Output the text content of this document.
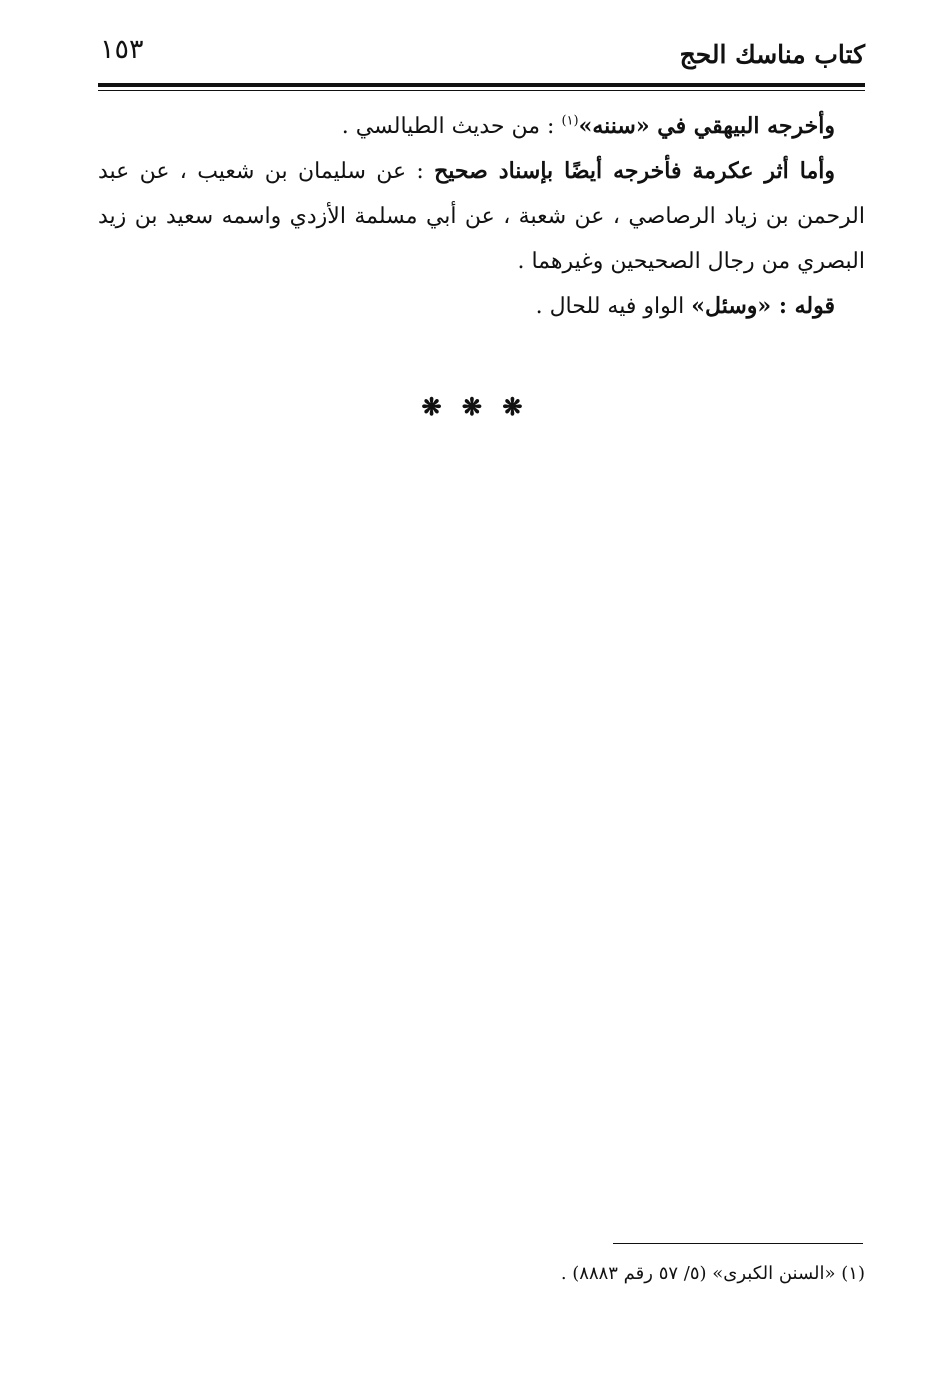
كتاب مناسك الحج
١٥٣

وأخرجه البيهقي في «سننه»$^{(١)}$ : من حديث الطيالسي .

وأما أثر عكرمة فأخرجه أيضًا بإسناد صحيح : عن سليمان بن شعيب ، عن عبد الرحمن بن زياد الرصاصي ، عن شعبة ، عن أبي مسلمة الأزدي واسمه سعيد بن زيد البصري من رجال الصحيحين وغيرهما .

قوله : «وسئل» الواو فيه للحال .

❋ ❋ ❋
(١) «السنن الكبرى» (٥/ ٥٧ رقم ٨٨٨٣) .
